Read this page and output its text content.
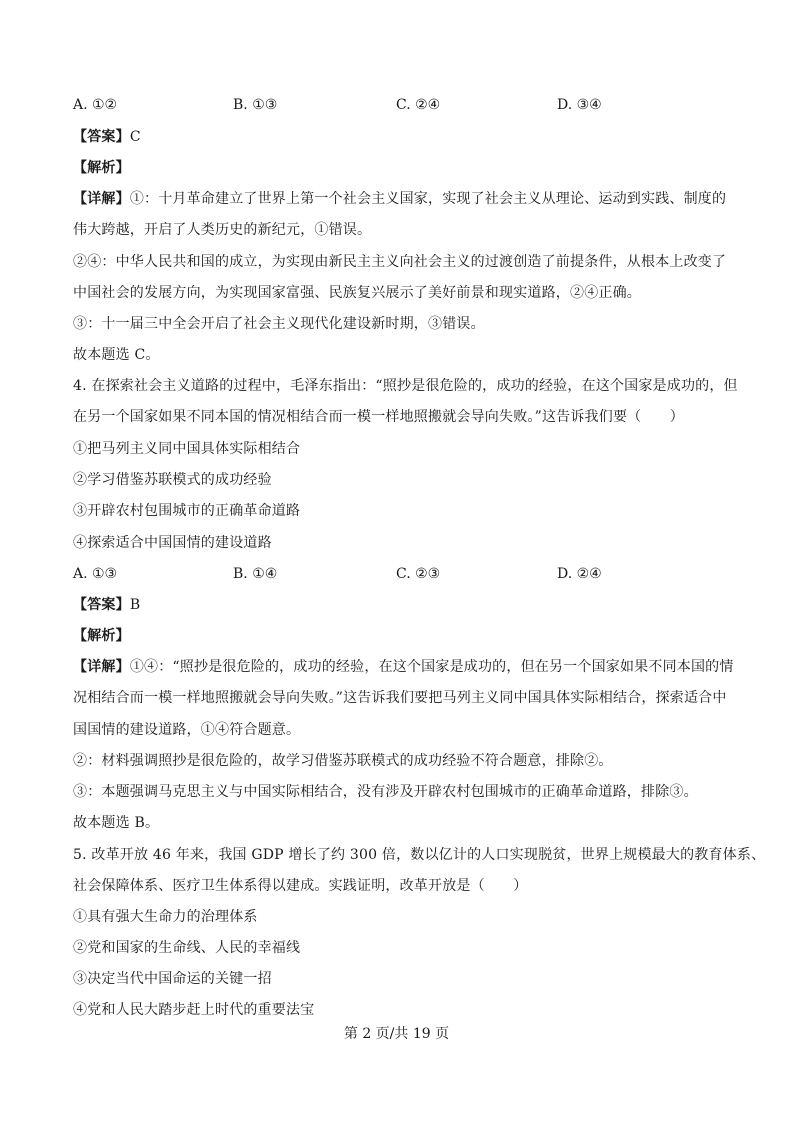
A. ①②	B. ①③	C. ②④	D. ③④
【答案】C
【解析】
【详解】①：十月革命建立了世界上第一个社会主义国家，实现了社会主义从理论、运动到实践、制度的
伟大跨越，开启了人类历史的新纪元，①错误。
②④：中华人民共和国的成立，为实现由新民主主义向社会主义的过渡创造了前提条件，从根本上改变了
中国社会的发展方向，为实现国家富强、民族复兴展示了美好前景和现实道路，②④正确。
③：十一届三中全会开启了社会主义现代化建设新时期，③错误。
故本题选 C。
4. 在探索社会主义道路的过程中，毛泽东指出：“照抄是很危险的，成功的经验，在这个国家是成功的，但
在另一个国家如果不同本国的情况相结合而一模一样地照搬就会导向失败。”这告诉我们要（　　）
①把马列主义同中国具体实际相结合
②学习借鉴苏联模式的成功经验
③开辟农村包围城市的正确革命道路
④探索适合中国国情的建设道路
A. ①③	B. ①④	C. ②③	D. ②④
【答案】B
【解析】
【详解】①④：“照抄是很危险的，成功的经验，在这个国家是成功的，但在另一个国家如果不同本国的情
况相结合而一模一样地照搬就会导向失败。”这告诉我们要把马列主义同中国具体实际相结合，探索适合中
国国情的建设道路，①④符合题意。
②：材料强调照抄是很危险的，故学习借鉴苏联模式的成功经验不符合题意，排除②。
③：本题强调马克思主义与中国实际相结合，没有涉及开辟农村包围城市的正确革命道路，排除③。
故本题选 B。
5. 改革开放 46 年来，我国 GDP 增长了约 300 倍，数以亿计的人口实现脱贫，世界上规模最大的教育体系、
社会保障体系、医疗卫生体系得以建成。实践证明，改革开放是（　　）
①具有强大生命力的治理体系
②党和国家的生命线、人民的幸福线
③决定当代中国命运的关键一招
④党和人民大踏步赶上时代的重要法宝
第 2 页/共 19 页
